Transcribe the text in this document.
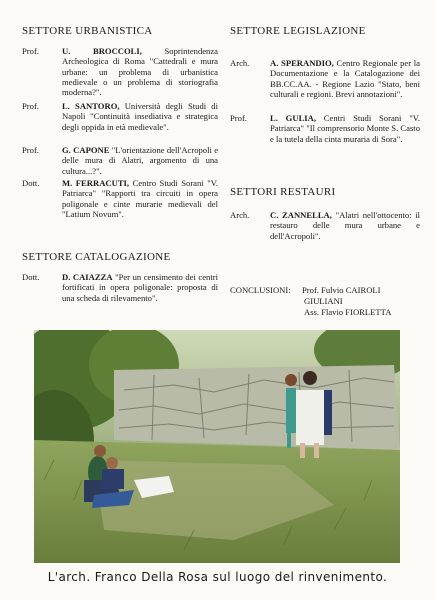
SETTORE URBANISTICA
Prof.	U. BROCCOLI,	Soprintendenza Archeologica di Roma "Cattedrali e mura urbane: un problema di urbanistica medievale o un problema di storiografia moderna?".
Prof.	L. SANTORO, Università degli Studi di Napoli "Continuità insediativa e strategica degli oppida in età medievale".
Prof.	G. CAPONE "L'orientazione dell'Acropoli e delle mura di Alatri, argomento di una cultura...?".
Dott.	M. FERRACUTI, Centro Studi Sorani "V. Patriarca" "Rapporti tra circuiti in opera poligonale e cinte murarie medievali del "Latium Novum".
SETTORE CATALOGAZIONE
Dott.	D. CAIAZZA "Per un censimento dei centri fortificati in opera poligonale: proposta di una scheda di rilevamento".
SETTORE LEGISLAZIONE
Arch.	A. SPERANDIO, Centro Regionale per la Documentazione e la Catalogazione dei BB.CC.AA. - Regione Lazio "Stato, beni culturali e regioni. Brevi annotazioni".
Prof.	L. GULIA, Centri Studi Sorani "V. Patriarca" "Il comprensorio Monte S. Casto e la tutela della cinta muraria di Sora".
SETTORI RESTAURI
Arch.	C. ZANNELLA, "Alatri nell'ottocento: il restauro delle mura urbane e dell'Acropoli".
CONCLUSIONI:	Prof. Fulvio CAIROLI
GIULIANI
Ass. Flavio FIORLETTA
L'arch. Franco Della Rosa sul luogo del rinvenimento.
